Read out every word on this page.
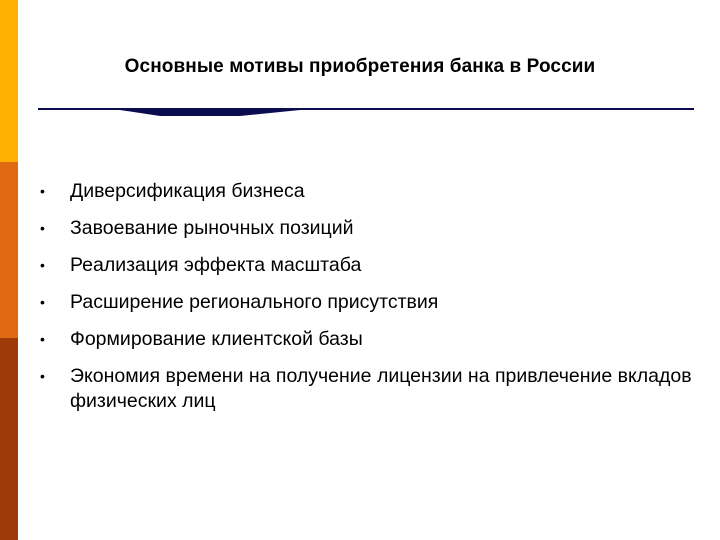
Основные мотивы приобретения банка в России
•	Диверсификация бизнеса
•	Завоевание рыночных позиций
•	Реализация эффекта масштаба
•	Расширение регионального присутствия
•	Формирование клиентской базы
•	Экономия времени на получение лицензии на привлечение вкладов физических лиц
